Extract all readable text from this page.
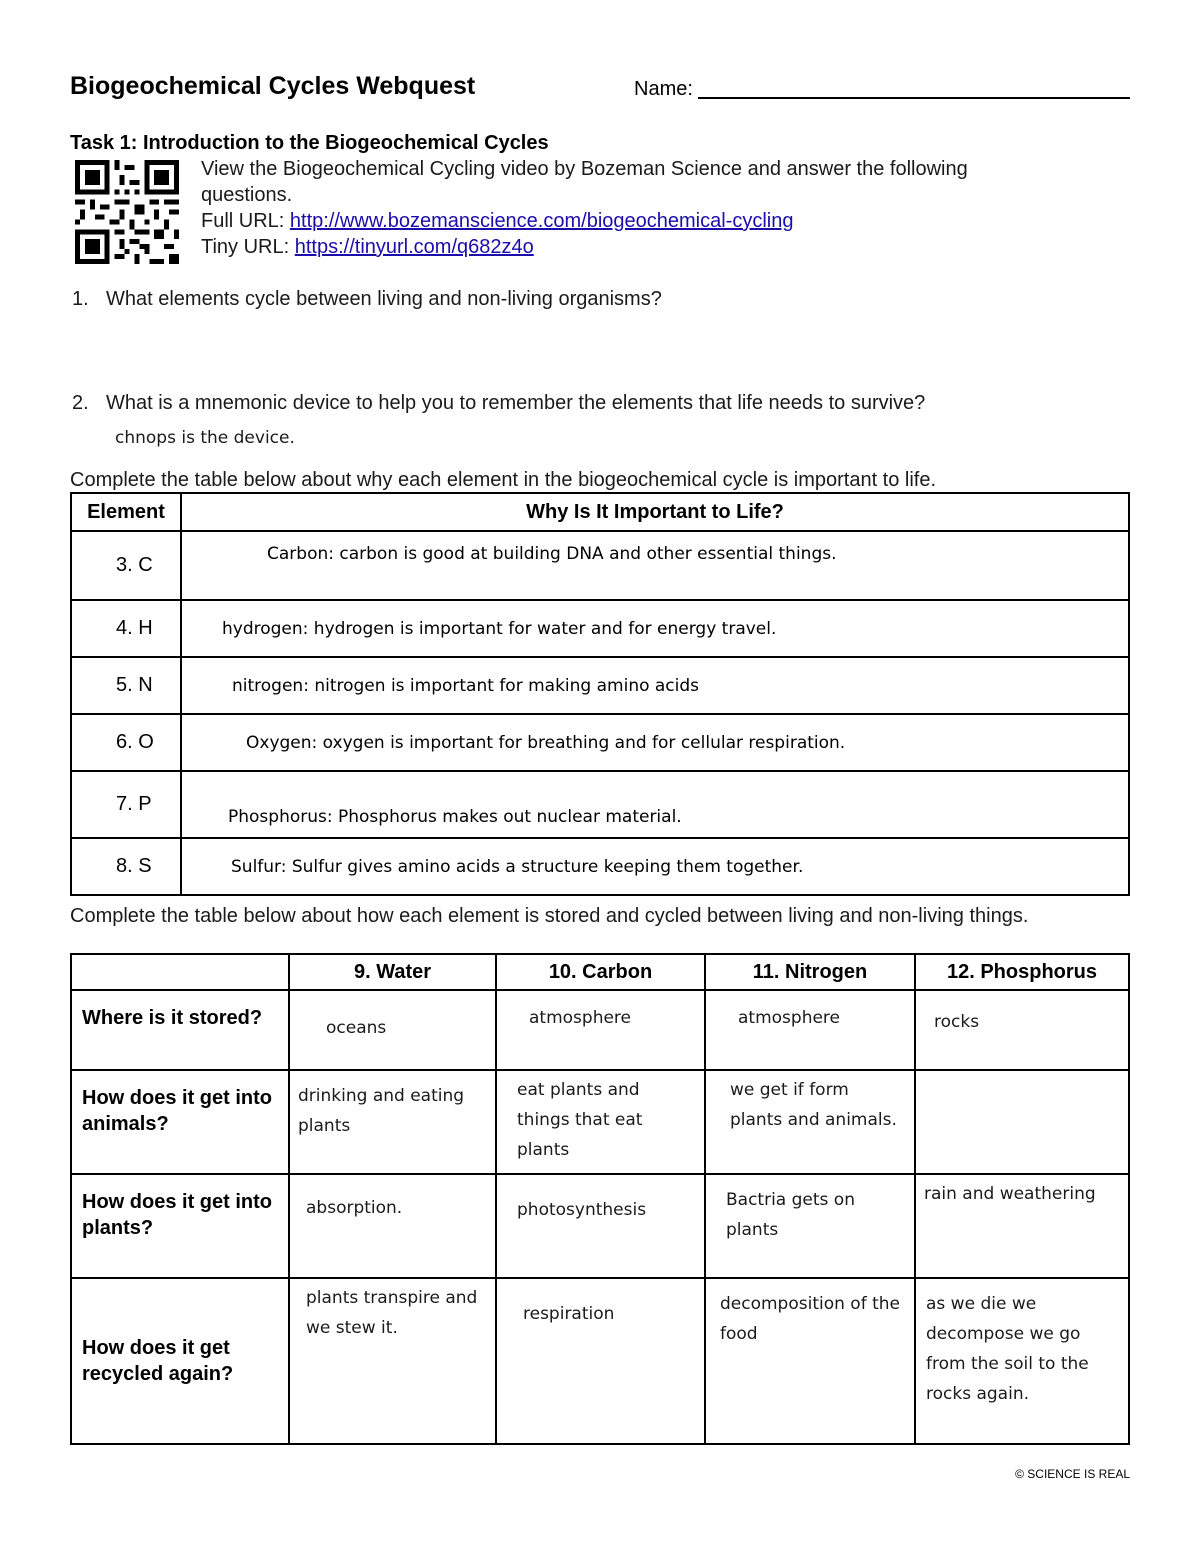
Biogeochemical Cycles Webquest	Name:
Task 1: Introduction to the Biogeochemical Cycles
View the Biogeochemical Cycling video by Bozeman Science and answer the following
questions.
Full URL: http://www.bozemanscience.com/biogeochemical-cycling
Tiny URL: https://tinyurl.com/q682z4o
1. What elements cycle between living and non-living organisms?
2. What is a mnemonic device to help you to remember the elements that life needs to survive?
chnops is the device.
Complete the table below about why each element in the biogeochemical cycle is important to life.
Element	Why Is It Important to Life?
3. C	Carbon: carbon is good at building DNA and other essential things.
4. H	hydrogen: hydrogen is important for water and for energy travel.
5. N	nitrogen: nitrogen is important for making amino acids
6. O	Oxygen: oxygen is important for breathing and for cellular respiration.
7. P	Phosphorus: Phosphorus makes out nuclear material.
8. S	Sulfur: Sulfur gives amino acids a structure keeping them together.
Complete the table below about how each element is stored and cycled between living and non-living things.
	9. Water	10. Carbon	11. Nitrogen	12. Phosphorus
Where is it stored?	oceans	atmosphere	atmosphere	rocks
How does it get into animals?	drinking and eating plants	eat plants and things that eat plants	we get if form plants and animals.	
How does it get into plants?	absorption.	photosynthesis	Bactria gets on plants	rain and weathering
How does it get recycled again?	plants transpire and we stew it.	respiration	decomposition of the food	as we die we decompose we go from the soil to the rocks again.
© SCIENCE IS REAL
